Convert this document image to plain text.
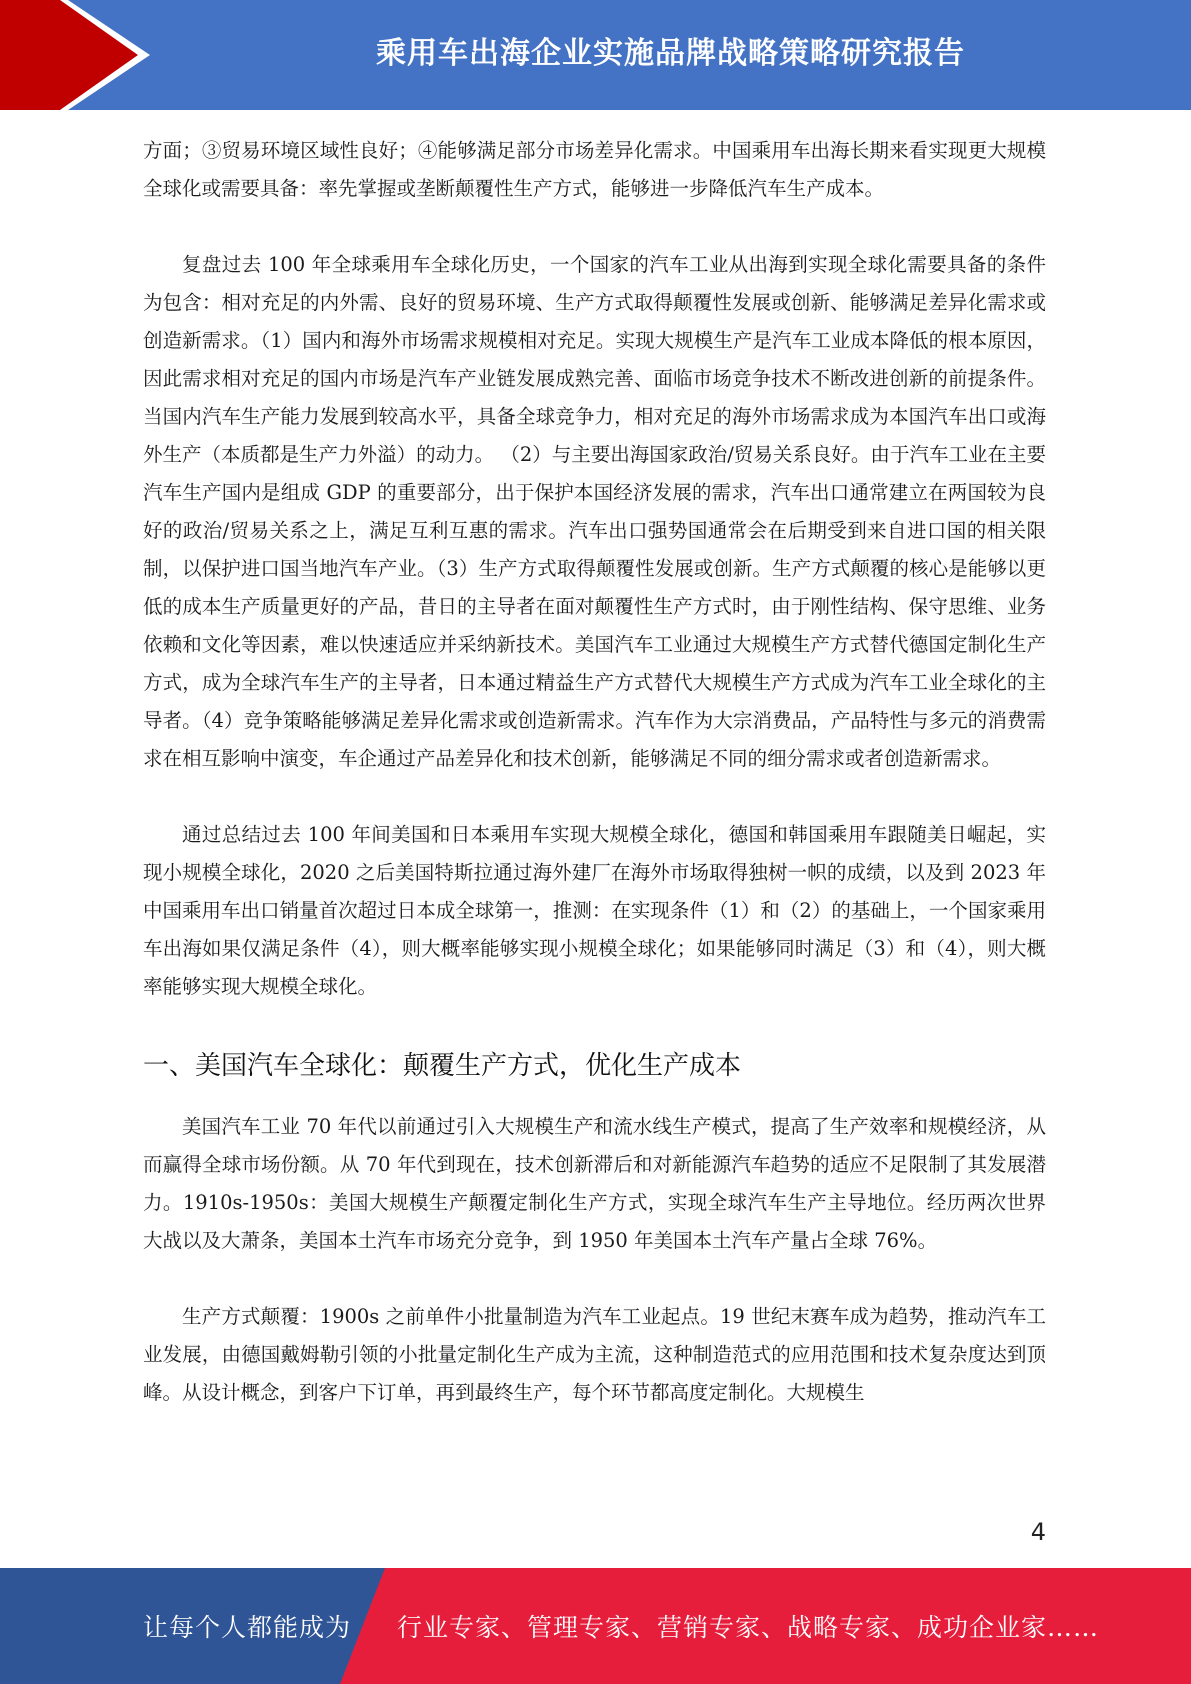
乘用车出海企业实施品牌战略策略研究报告

方面；③贸易环境区域性良好；④能够满足部分市场差异化需求。中国乘用车出海长期来看实现更大规模全球化或需要具备：率先掌握或垄断颠覆性生产方式，能够进一步降低汽车生产成本。

复盘过去 100 年全球乘用车全球化历史，一个国家的汽车工业从出海到实现全球化需要具备的条件为包含：相对充足的内外需、良好的贸易环境、生产方式取得颠覆性发展或创新、能够满足差异化需求或创造新需求。（1）国内和海外市场需求规模相对充足。实现大规模生产是汽车工业成本降低的根本原因，因此需求相对充足的国内市场是汽车产业链发展成熟完善、面临市场竞争技术不断改进创新的前提条件。当国内汽车生产能力发展到较高水平，具备全球竞争力，相对充足的海外市场需求成为本国汽车出口或海外生产（本质都是生产力外溢）的动力。 （2）与主要出海国家政治/贸易关系良好。由于汽车工业在主要汽车生产国内是组成 GDP 的重要部分，出于保护本国经济发展的需求，汽车出口通常建立在两国较为良好的政治/贸易关系之上，满足互利互惠的需求。汽车出口强势国通常会在后期受到来自进口国的相关限制，以保护进口国当地汽车产业。（3）生产方式取得颠覆性发展或创新。生产方式颠覆的核心是能够以更低的成本生产质量更好的产品，昔日的主导者在面对颠覆性生产方式时，由于刚性结构、保守思维、业务依赖和文化等因素，难以快速适应并采纳新技术。美国汽车工业通过大规模生产方式替代德国定制化生产方式，成为全球汽车生产的主导者，日本通过精益生产方式替代大规模生产方式成为汽车工业全球化的主导者。（4）竞争策略能够满足差异化需求或创造新需求。汽车作为大宗消费品，产品特性与多元的消费需求在相互影响中演变，车企通过产品差异化和技术创新，能够满足不同的细分需求或者创造新需求。

通过总结过去 100 年间美国和日本乘用车实现大规模全球化，德国和韩国乘用车跟随美日崛起，实现小规模全球化，2020 之后美国特斯拉通过海外建厂在海外市场取得独树一帜的成绩，以及到 2023 年中国乘用车出口销量首次超过日本成全球第一，推测：在实现条件（1）和（2）的基础上，一个国家乘用车出海如果仅满足条件（4），则大概率能够实现小规模全球化；如果能够同时满足（3）和（4），则大概率能够实现大规模全球化。

一、美国汽车全球化：颠覆生产方式，优化生产成本

美国汽车工业 70 年代以前通过引入大规模生产和流水线生产模式，提高了生产效率和规模经济，从而赢得全球市场份额。从 70 年代到现在，技术创新滞后和对新能源汽车趋势的适应不足限制了其发展潜力。1910s-1950s：美国大规模生产颠覆定制化生产方式，实现全球汽车生产主导地位。经历两次世界大战以及大萧条，美国本土汽车市场充分竞争，到 1950 年美国本土汽车产量占全球 76%。

生产方式颠覆：1900s 之前单件小批量制造为汽车工业起点。19 世纪末赛车成为趋势，推动汽车工业发展，由德国戴姆勒引领的小批量定制化生产成为主流，这种制造范式的应用范围和技术复杂度达到顶峰。从设计概念，到客户下订单，再到最终生产，每个环节都高度定制化。大规模生

4
让每个人都能成为 行业专家、管理专家、营销专家、战略专家、成功企业家……
